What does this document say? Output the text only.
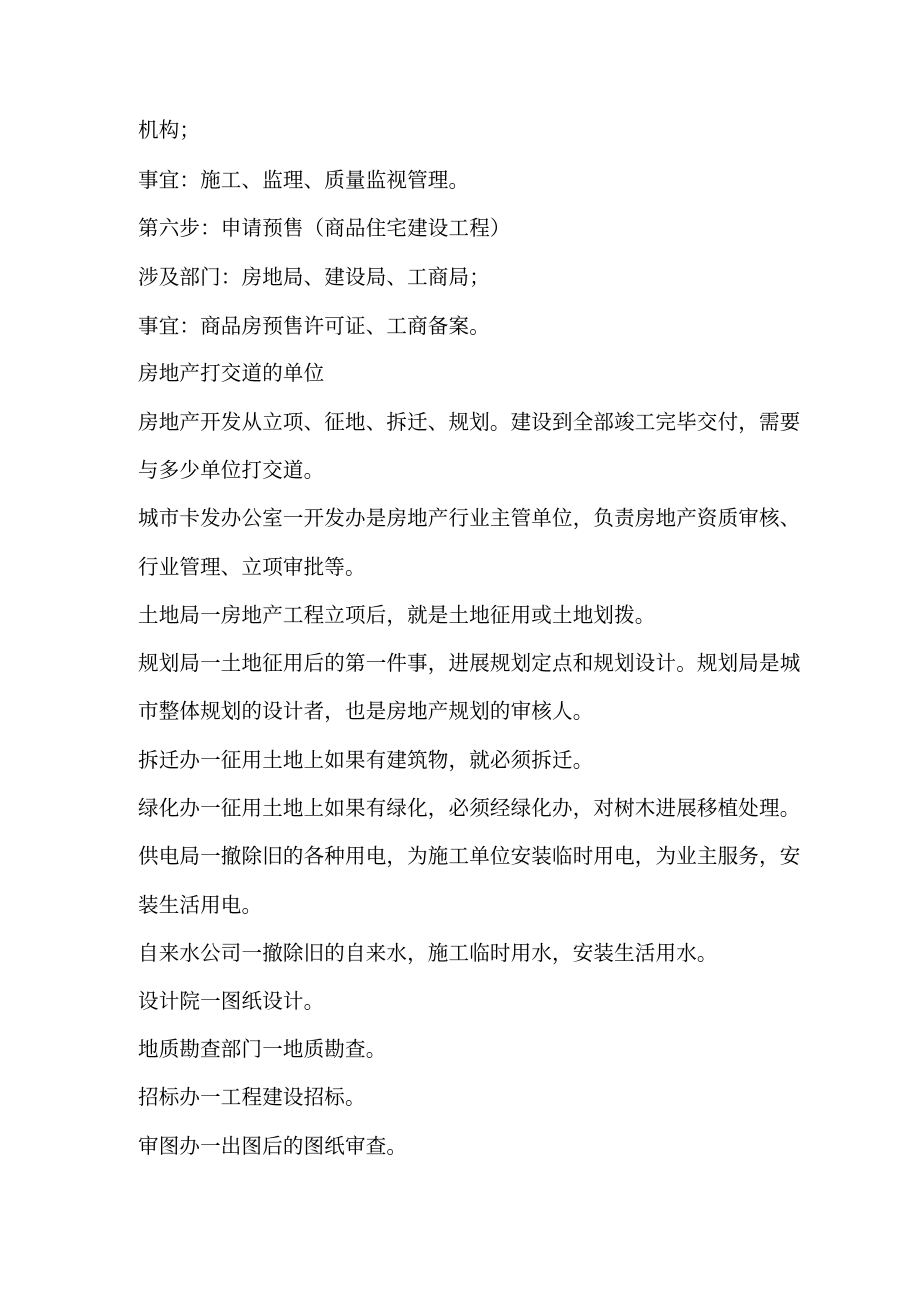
机构；
事宜：施工、监理、质量监视管理。
第六步：申请预售（商品住宅建设工程）
涉及部门：房地局、建设局、工商局；
事宜：商品房预售许可证、工商备案。
房地产打交道的单位
房地产开发从立项、征地、拆迁、规划。建设到全部竣工完毕交付，需要
与多少单位打交道。
城市卡发办公室一开发办是房地产行业主管单位，负责房地产资质审核、
行业管理、立项审批等。
土地局一房地产工程立项后，就是土地征用或土地划拨。
规划局一土地征用后的第一件事，进展规划定点和规划设计。规划局是城
市整体规划的设计者，也是房地产规划的审核人。
拆迁办一征用土地上如果有建筑物，就必须拆迁。
绿化办一征用土地上如果有绿化，必须经绿化办，对树木进展移植处理。
供电局一撤除旧的各种用电，为施工单位安装临时用电，为业主服务，安
装生活用电。
自来水公司一撤除旧的自来水，施工临时用水，安装生活用水。
设计院一图纸设计。
地质勘查部门一地质勘查。
招标办一工程建设招标。
审图办一出图后的图纸审查。
